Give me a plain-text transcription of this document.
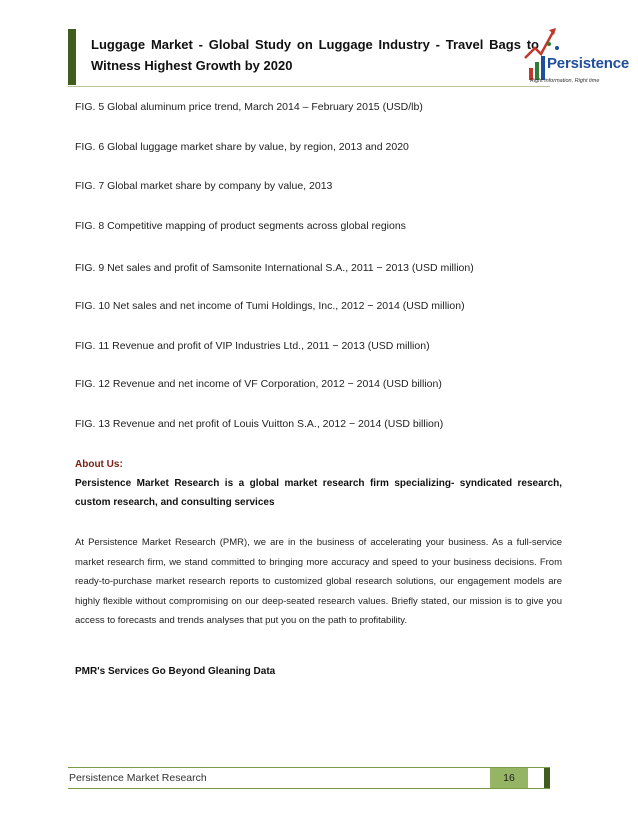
Luggage Market - Global Study on Luggage Industry - Travel Bags to Witness Highest Growth by 2020	Persistence
Right information, Right time
FIG. 5 Global aluminum price trend, March 2014 – February 2015 (USD/lb)
FIG. 6 Global luggage market share by value, by region, 2013 and 2020
FIG. 7 Global market share by company by value, 2013
FIG. 8 Competitive mapping of product segments across global regions
FIG. 9 Net sales and profit of Samsonite International S.A., 2011 − 2013 (USD million)
FIG. 10 Net sales and net income of Tumi Holdings, Inc., 2012 − 2014 (USD million)
FIG. 11 Revenue and profit of VIP Industries Ltd., 2011 − 2013 (USD million)
FIG. 12 Revenue and net income of VF Corporation, 2012 − 2014 (USD billion)
FIG. 13 Revenue and net profit of Louis Vuitton S.A., 2012 − 2014 (USD billion)
About Us:
Persistence Market Research is a global market research firm specializing- syndicated research, custom research, and consulting services
At Persistence Market Research (PMR), we are in the business of accelerating your business. As a full-service market research firm, we stand committed to bringing more accuracy and speed to your business decisions. From ready-to-purchase market research reports to customized global research solutions, our engagement models are highly flexible without compromising on our deep-seated research values. Briefly stated, our mission is to give you access to forecasts and trends analyses that put you on the path to profitability.
PMR's Services Go Beyond Gleaning Data
Persistence Market Research	16
